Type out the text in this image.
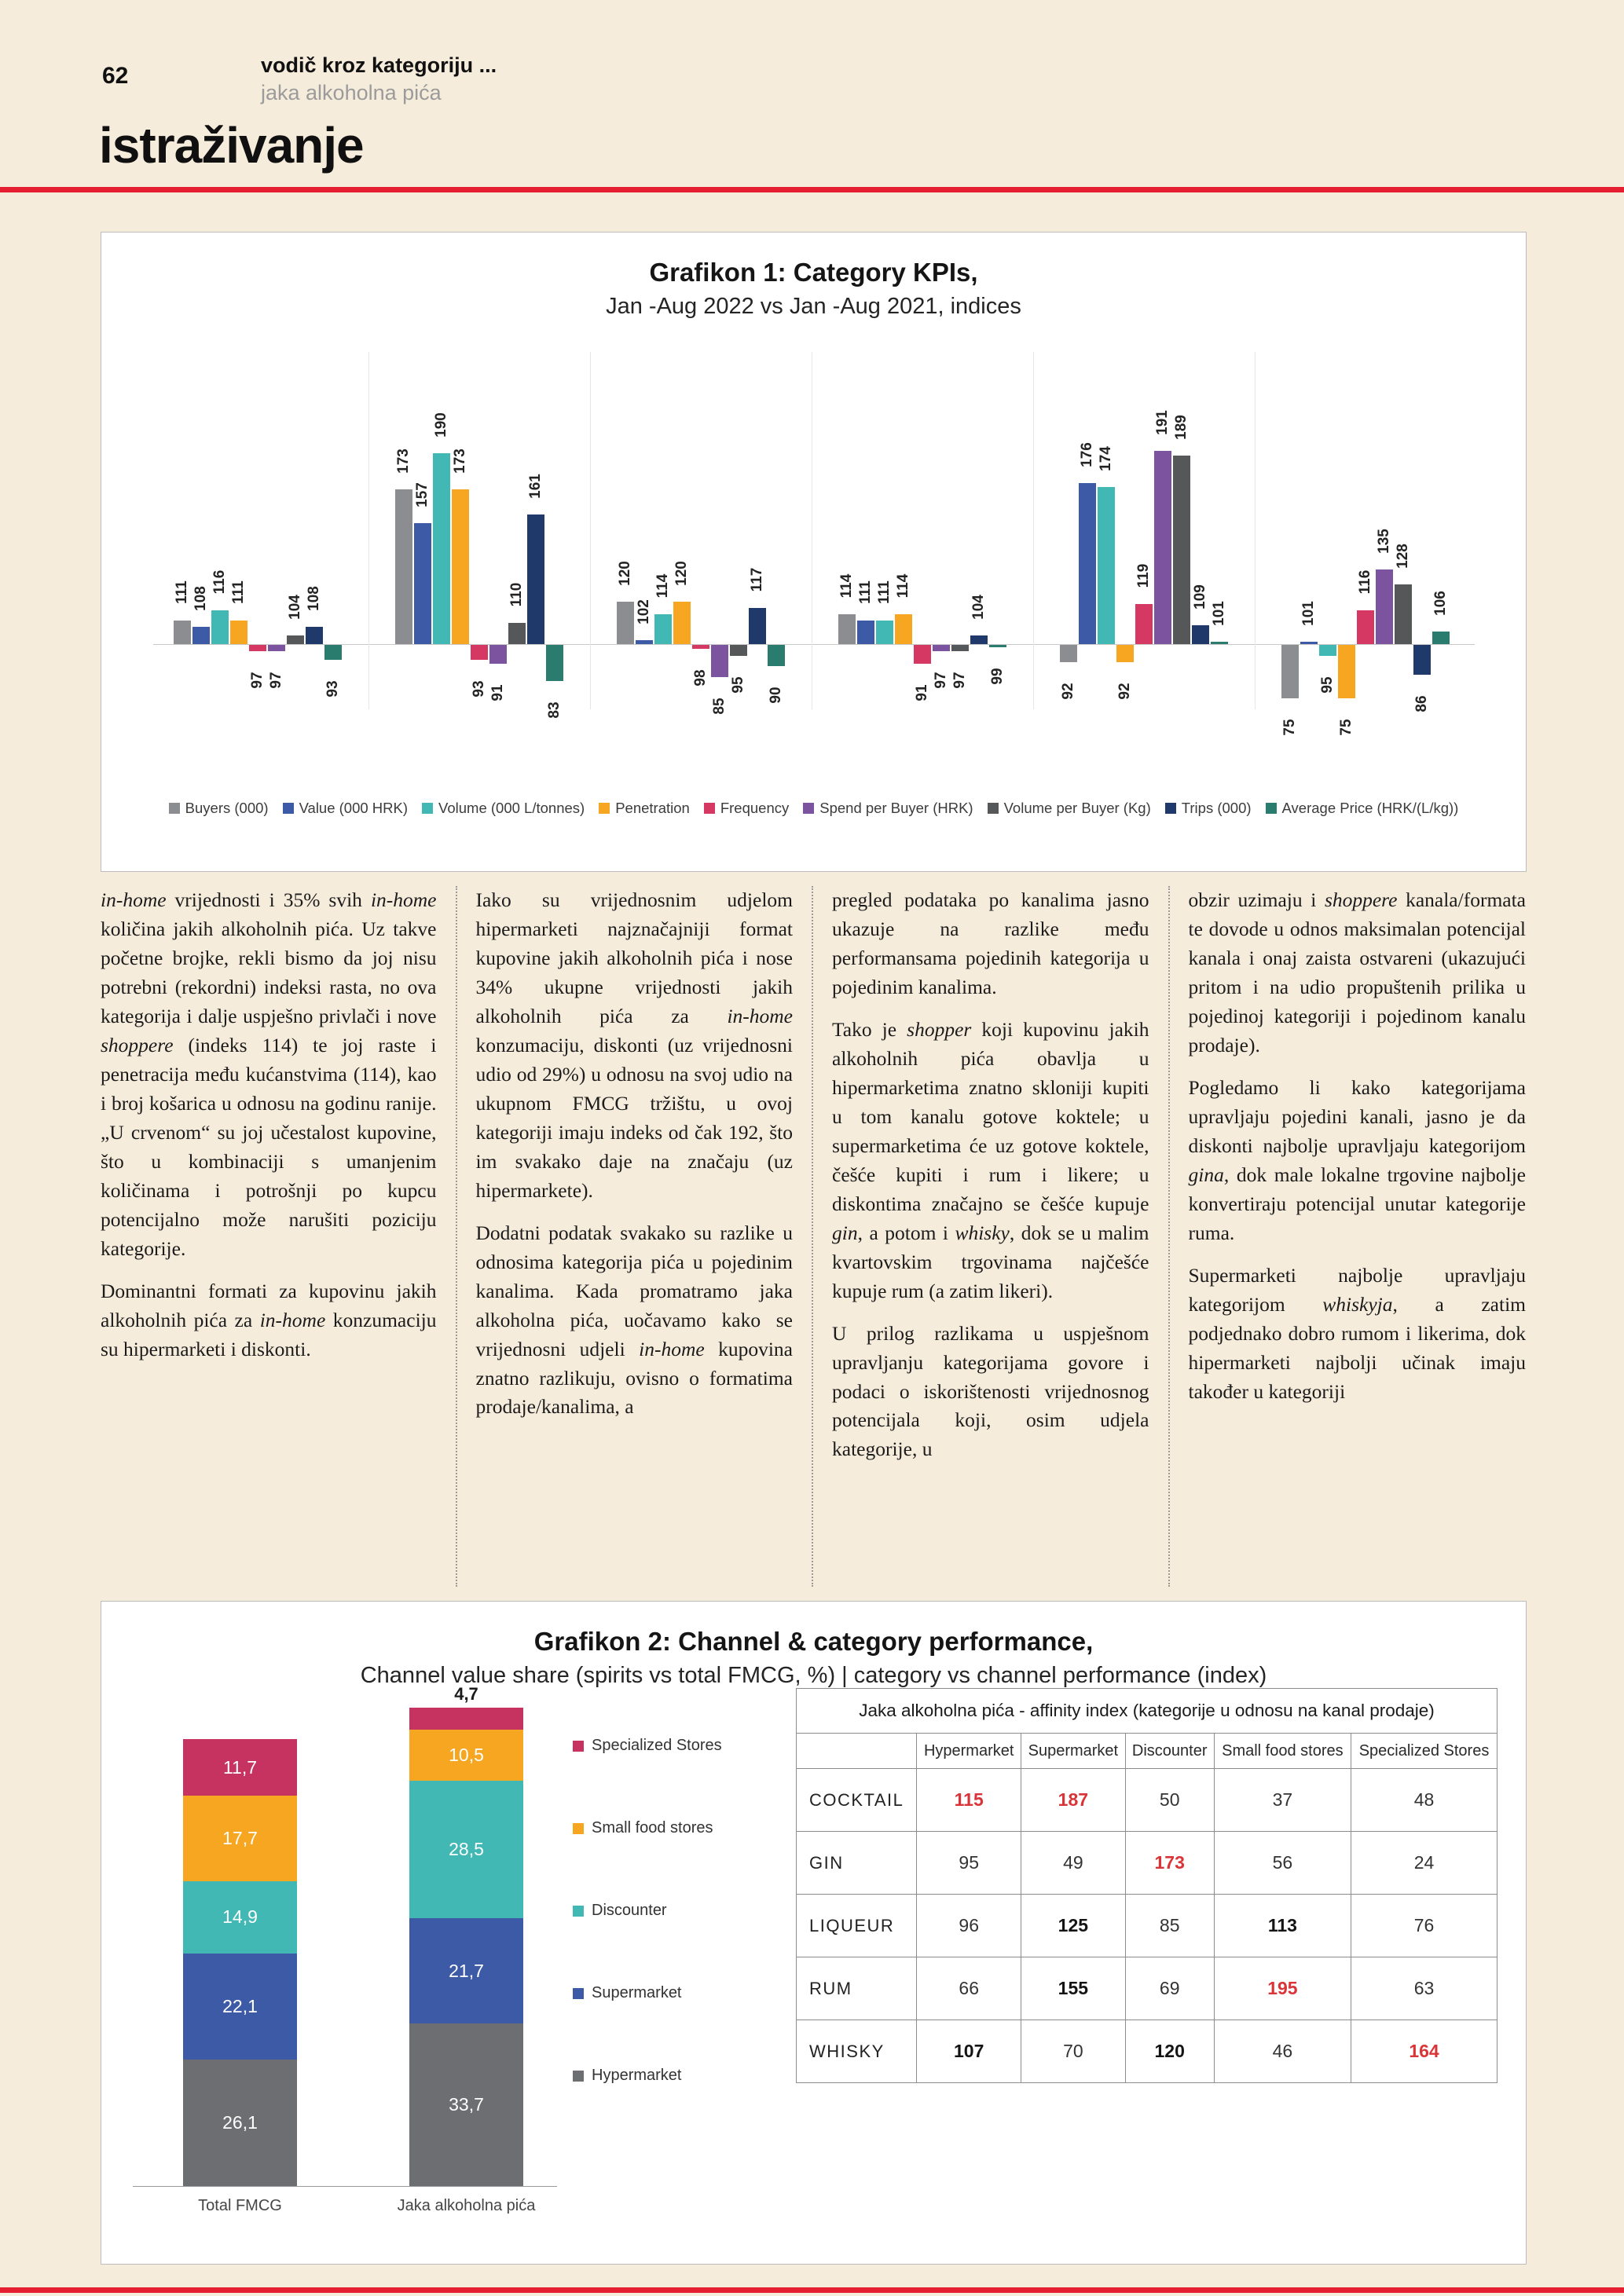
62	vodič kroz kategoriju ...
jaka alkoholna pića
istraživanje
Grafikon 1: Category KPIs,
Jan -Aug 2022 vs Jan -Aug 2021, indices
111 108
116 111
97 97
104 108
93
173
157
190
173
93 91
110
161
83
120
102
114
120
98
85
95
117
90
114 111 111 114
91
97 97
104
99
92
176 174
92
119
191 189
109
101
75
101
95
75
116
135
128
86
106
Buyers (000) Value (000 HRK) Volume (000 L/tonnes) Penetration Frequency Spend per Buyer (HRK) Volume per Buyer (Kg) Trips (000) Average Price (HRK/(L/kg))

in-home vrijednosti i 35% svih in-home količina jakih alkoholnih pića. Uz takve početne brojke, rekli bismo da joj nisu potrebni (rekordni) indeksi rasta, no ova kategorija i dalje uspješno privlači i nove shoppere (indeks 114) te joj raste i penetracija među kućanstvima (114), kao i broj košarica u odnosu na godinu ranije. „U crvenom“ su joj učestalost kupovine, što u kombinaciji s umanjenim količinama i potrošnji po kupcu potencijalno može narušiti poziciju kategorije.

Dominantni formati za kupovinu jakih alkoholnih pića za in-home konzumaciju su hipermarketi i diskonti.

Iako su vrijednosnim udjelom hipermarketi najznačajniji format kupovine jakih alkoholnih pića i nose 34% ukupne vrijednosti jakih alkoholnih pića za in-home konzumaciju, diskonti (uz vrijednosni udio od 29%) u odnosu na svoj udio na ukupnom FMCG tržištu, u ovoj kategoriji imaju indeks od čak 192, što im svakako daje na značaju (uz hipermarkete).

Dodatni podatak svakako su razlike u odnosima kategorija pića u pojedinim kanalima. Kada promatramo jaka alkoholna pića, uočavamo kako se vrijednosni udjeli in-home kupovina znatno razlikuju, ovisno o formatima prodaje/kanalima, a

pregled podataka po kanalima jasno ukazuje na razlike među performansama pojedinih kategorija u pojedinim kanalima.

Tako je shopper koji kupovinu jakih alkoholnih pića obavlja u hipermarketima znatno skloniji kupiti u tom kanalu gotove koktele; u supermarketima će uz gotove koktele, češće kupiti i rum i likere; u diskontima značajno se češće kupuje gin, a potom i whisky, dok se u malim kvartovskim trgovinama najčešće kupuje rum (a zatim likeri).

U prilog razlikama u uspješnom upravljanju kategorijama govore i podaci o iskorištenosti vrijednosnog potencijala koji, osim udjela kategorije, u

obzir uzimaju i shoppere kanala/formata te dovode u odnos maksimalan potencijal kanala i onaj zaista ostvareni (ukazujući pritom i na udio propuštenih prilika u pojedinoj kategoriji i pojedinom kanalu prodaje).

Pogledamo li kako kategorijama upravljaju pojedini kanali, jasno je da diskonti najbolje upravljaju kategorijom gina, dok male lokalne trgovine najbolje konvertiraju potencijal unutar kategorije ruma.

Supermarketi najbolje upravljaju kategorijom whiskyja, a zatim podjednako dobro rumom i likerima, dok hipermarketi najbolji učinak imaju također u kategoriji

Grafikon 2: Channel & category performance,
Channel value share (spirits vs total FMCG, %) | category vs channel performance (index)
26,1
22,1
14,9
17,7
11,7
Total FMCG
33,7
21,7
28,5
10,5
4,7
Jaka alkoholna pića
Specialized Stores
Small food stores
Discounter
Supermarket
Hypermarket
Jaka alkoholna pića - affinity index (kategorije u odnosu na kanal prodaje)					
	Hypermarket	Supermarket	Discounter	Small food stores	Specialized Stores
COCKTAIL	115	187	50	37	48
GIN	95	49	173	56	24
LIQUEUR	96	125	85	113	76
RUM	66	155	69	195	63
WHISKY	107	70	120	46	164
